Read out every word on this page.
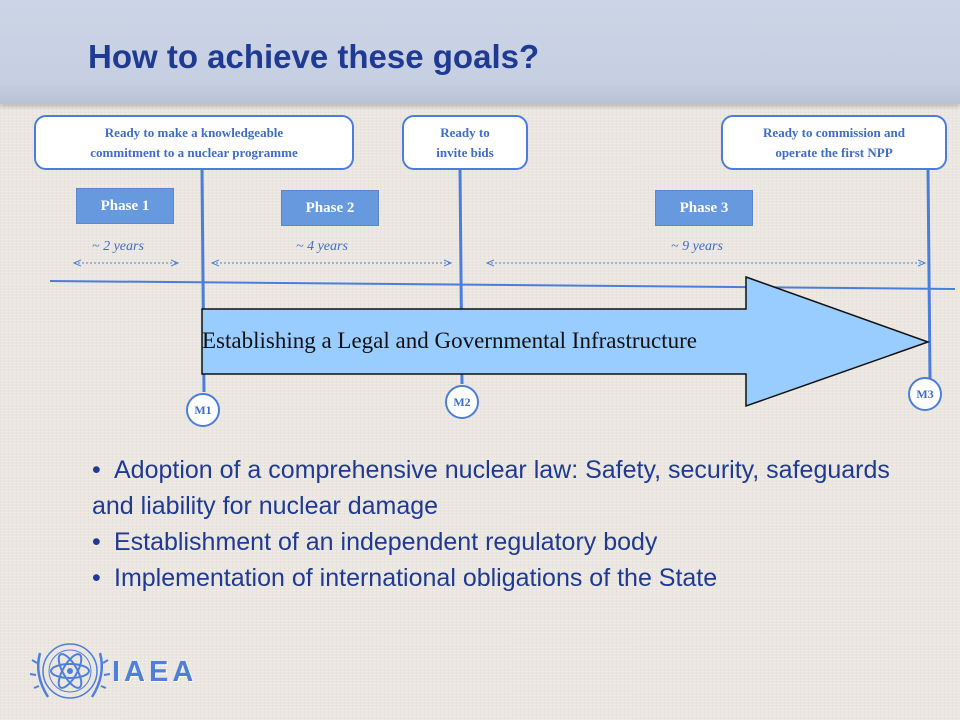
How to achieve these goals?
Ready to make a knowledgeable
commitment to a nuclear programme
Ready to
invite bids
Ready to commission and
operate the first NPP
Phase 1	Phase 2	Phase 3
~ 2 years	~ 4 years	~ 9 years
M1
M2
M3
Establishing a Legal and Governmental Infrastructure

• Adoption of a comprehensive nuclear law: Safety, security, safeguards and liability for nuclear damage

• Establishment of an independent regulatory body

• Implementation of international obligations of the State

IAEA
